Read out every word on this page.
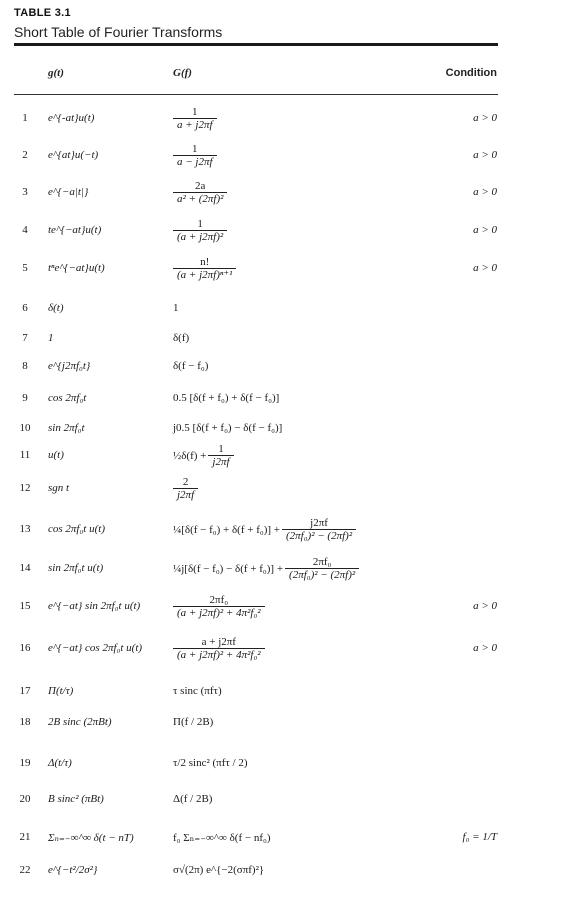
TABLE 3.1
Short Table of Fourier Transforms
g(t)	G(f)	Condition
1	e^{-at}u(t)	$\frac{1}{a + j2\pi f}$	a > 0
2	e^{at}u(−t)	$\frac{1}{a - j2\pi f}$	a > 0
3	e^{−a|t|}	$\frac{2a}{\text{a² + (2πf)²}}$	a > 0
4	te^{−at}u(t)	$\frac{1}{\text{(a + j2πf)²}}$	a > 0
5	tⁿe^{−at}u(t)	$\frac{n!}{\text{(a + j2πf)ⁿ⁺¹}}$	a > 0
6	δ(t)	1
7	1	δ(f)
8	e^{j2πf₀t}	δ(f − f₀)
9	cos 2πf₀t	0.5 [δ(f + f₀) + δ(f − f₀)]
10	sin 2πf₀t	j0.5 [δ(f + f₀) − δ(f − f₀)]
11	u(t)	½δ(f) + $\frac{1}{j2\pi f}$
12	sgn t	$\frac{2}{j2\pi f}$
13	cos 2πf₀t u(t)	¼[δ(f − $f_0) + \delta(f + f_0)] + \frac{j2\pi f}{\text{(2πf₀)² − (2πf)²}}$
14	sin 2πf₀t u(t)	¼j[δ(f − $f_0) - \delta(f + f_0)] + \frac{\text{2πf₀}}{\text{(2πf₀)² − (2πf)²}}$
15	e^{−at} sin 2πf₀t u(t)	$\frac{\text{2πf₀}}{\text{(a + j2πf)² + 4π²f₀²}}$	a > 0
16	e^{−at} cos 2πf₀t u(t)	$\frac{a + j2\pi f}{\text{(a + j2πf)² + 4π²f₀²}}$	a > 0
17	Π(t/τ)	τ sinc (πfτ)
18	2B sinc (2πBt)	Π(f / 2B)
19	Δ(t/τ)	τ/2 sinc² (πfτ / 2)
20	B sinc² (πBt)	Δ(f / 2B)
21	Σₙ₌₋∞^∞ δ(t − nT)	f₀ Σₙ₌₋∞^∞ δ(f − nf₀)	f₀ = 1/T
22	e^{−t²/2σ²}	σ√(2π) e^{−2(σπf)²}
